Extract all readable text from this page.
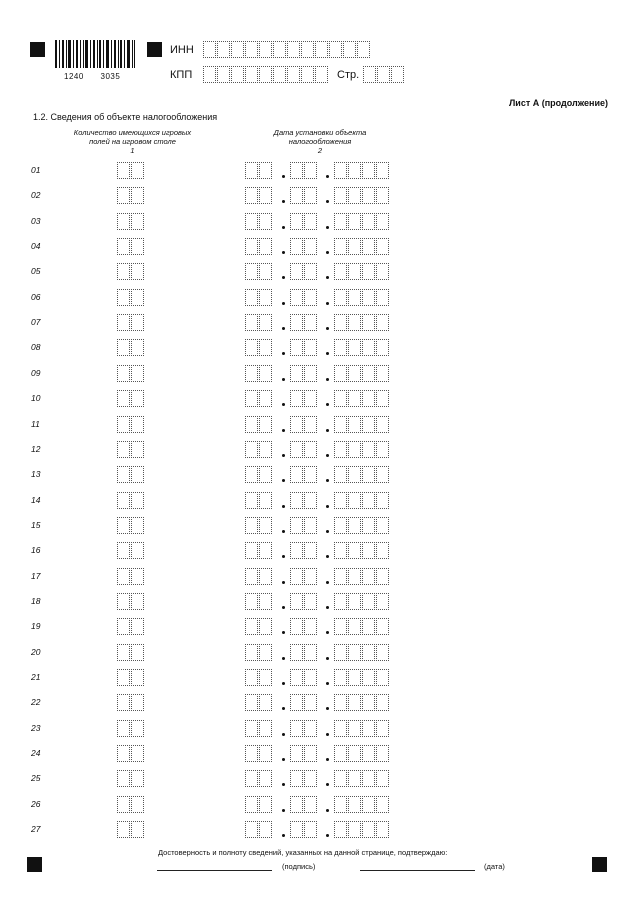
1240 3035
ИНН
КПП	Стр.
Лист А (продолжение)
1.2. Сведения об объекте налогообложения
Количество имеющихся игровых
полей на игровом столе
1
Дата установки объекта
налогообложения
2
01
02
03
04
05
06
07
08
09
10
11
12
13
14
15
16
17
18
19
20
21
22
23
24
25
26
27
Достоверность и полноту сведений, указанных на данной странице, подтверждаю:
(подпись)	(дата)
